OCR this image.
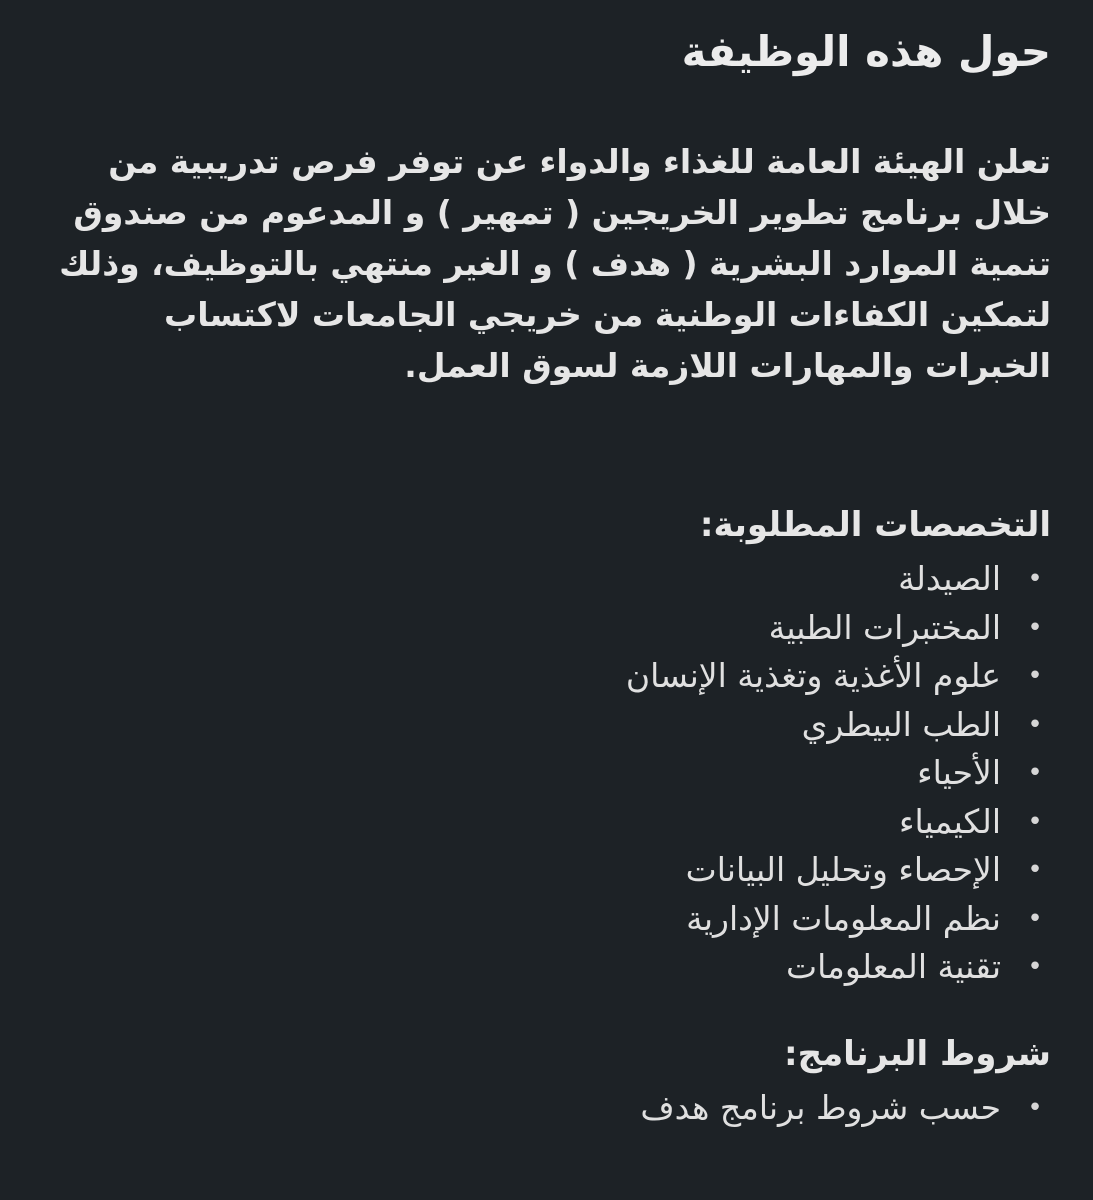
حول هذه الوظيفة

تعلن الهيئة العامة للغذاء والدواء عن توفر فرص تدريبية من خلال برنامج تطوير الخريجين ( تمهير ) و المدعوم من صندوق تنمية الموارد البشرية ( هدف ) و الغير منتهي بالتوظيف، وذلك لتمكين الكفاءات الوطنية من خريجي الجامعات لاكتساب الخبرات والمهارات اللازمة لسوق العمل.

التخصصات المطلوبة:
•
الصيدلة
•
المختبرات الطبية
•
علوم الأغذية وتغذية الإنسان
•
الطب البيطري
•
الأحياء
•
الكيمياء
•
الإحصاء وتحليل البيانات
•
نظم المعلومات الإدارية
•
تقنية المعلومات
شروط البرنامج:
•
حسب شروط برنامج هدف
